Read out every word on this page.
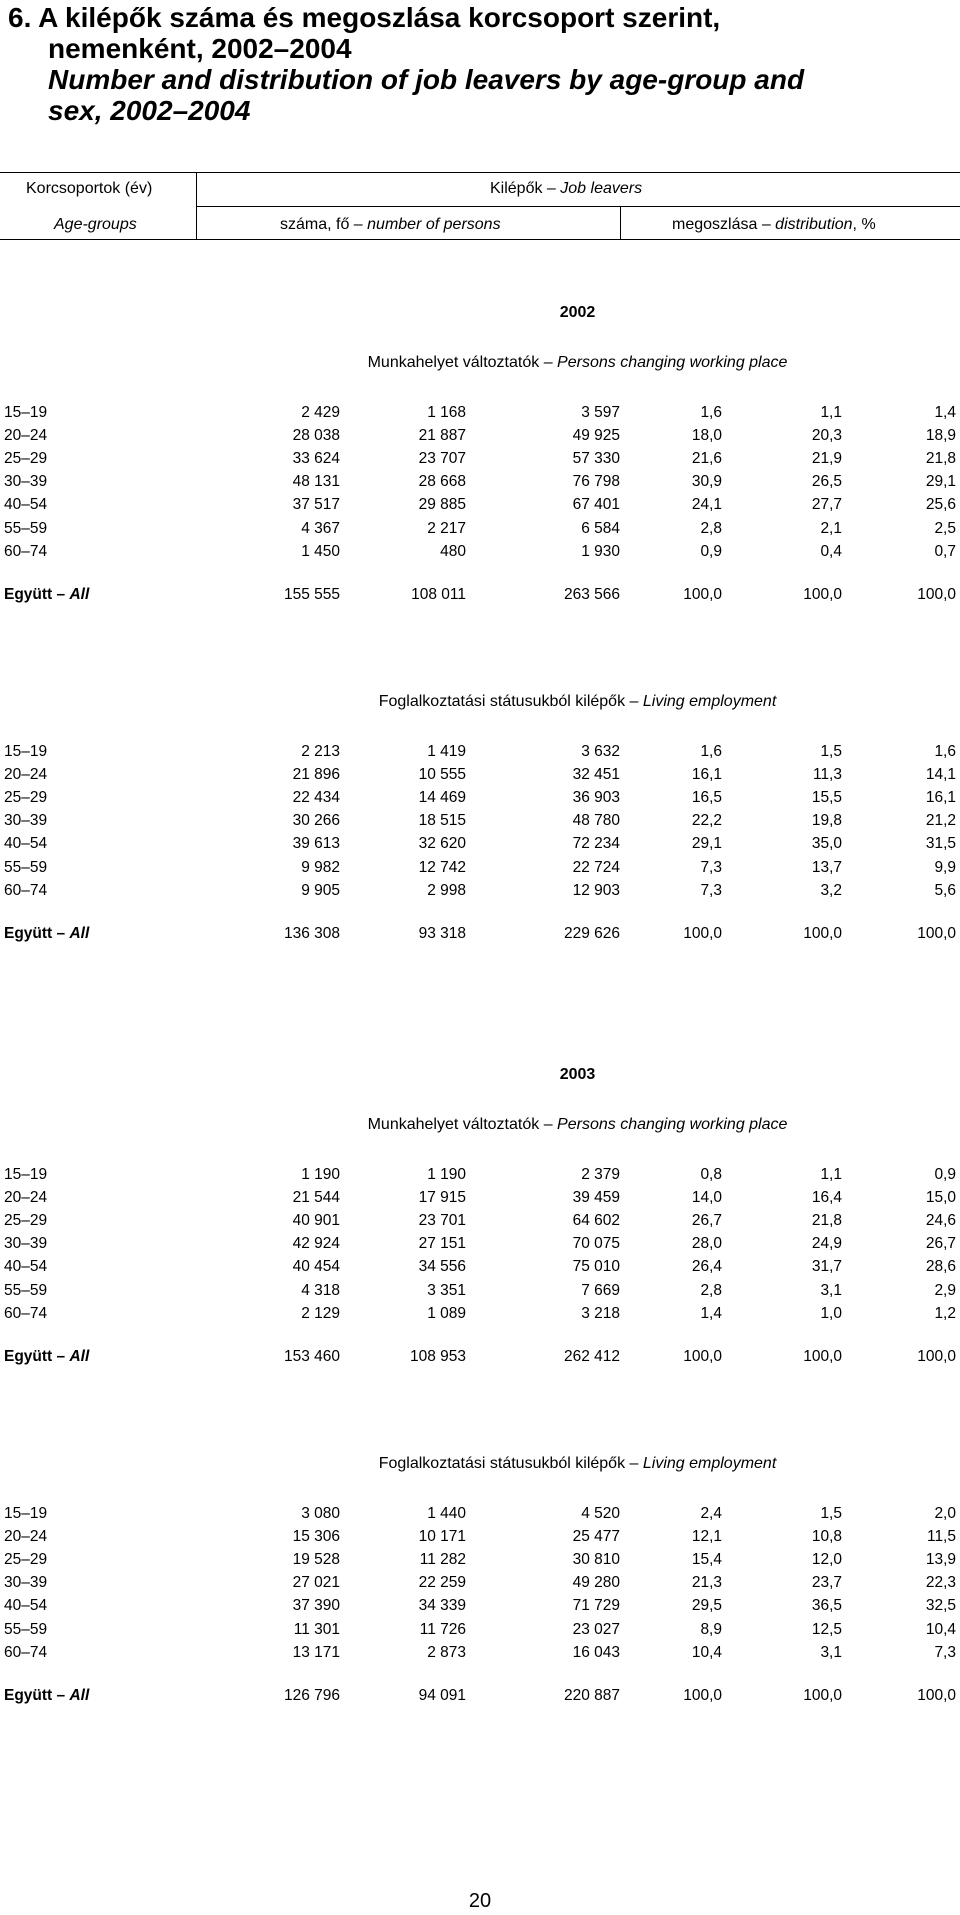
6. A kilépők száma és megoszlása korcsoport szerint,
nemenként, 2002–2004
Number and distribution of job leavers by age-group and
sex, 2002–2004
Korcsoportok (év)
Age-groups
Kilépők – Job leavers
száma, fő – number of persons	megoszlása – distribution, %
2002
Munkahelyet változtatók – Persons changing working place
15–19	2 429	1 168	3 597	1,6	1,1	1,4
20–24	28 038	21 887	49 925	18,0	20,3	18,9
25–29	33 624	23 707	57 330	21,6	21,9	21,8
30–39	48 131	28 668	76 798	30,9	26,5	29,1
40–54	37 517	29 885	67 401	24,1	27,7	25,6
55–59	4 367	2 217	6 584	2,8	2,1	2,5
60–74	1 450	480	1 930	0,9	0,4	0,7
Együtt – All	155 555	108 011	263 566	100,0	100,0	100,0
Foglalkoztatási státusukból kilépők – Living employment
15–19	2 213	1 419	3 632	1,6	1,5	1,6
20–24	21 896	10 555	32 451	16,1	11,3	14,1
25–29	22 434	14 469	36 903	16,5	15,5	16,1
30–39	30 266	18 515	48 780	22,2	19,8	21,2
40–54	39 613	32 620	72 234	29,1	35,0	31,5
55–59	9 982	12 742	22 724	7,3	13,7	9,9
60–74	9 905	2 998	12 903	7,3	3,2	5,6
Együtt – All	136 308	93 318	229 626	100,0	100,0	100,0
2003
Munkahelyet változtatók – Persons changing working place
15–19	1 190	1 190	2 379	0,8	1,1	0,9
20–24	21 544	17 915	39 459	14,0	16,4	15,0
25–29	40 901	23 701	64 602	26,7	21,8	24,6
30–39	42 924	27 151	70 075	28,0	24,9	26,7
40–54	40 454	34 556	75 010	26,4	31,7	28,6
55–59	4 318	3 351	7 669	2,8	3,1	2,9
60–74	2 129	1 089	3 218	1,4	1,0	1,2
Együtt – All	153 460	108 953	262 412	100,0	100,0	100,0
Foglalkoztatási státusukból kilépők – Living employment
15–19	3 080	1 440	4 520	2,4	1,5	2,0
20–24	15 306	10 171	25 477	12,1	10,8	11,5
25–29	19 528	11 282	30 810	15,4	12,0	13,9
30–39	27 021	22 259	49 280	21,3	23,7	22,3
40–54	37 390	34 339	71 729	29,5	36,5	32,5
55–59	11 301	11 726	23 027	8,9	12,5	10,4
60–74	13 171	2 873	16 043	10,4	3,1	7,3
Együtt – All	126 796	94 091	220 887	100,0	100,0	100,0
20
